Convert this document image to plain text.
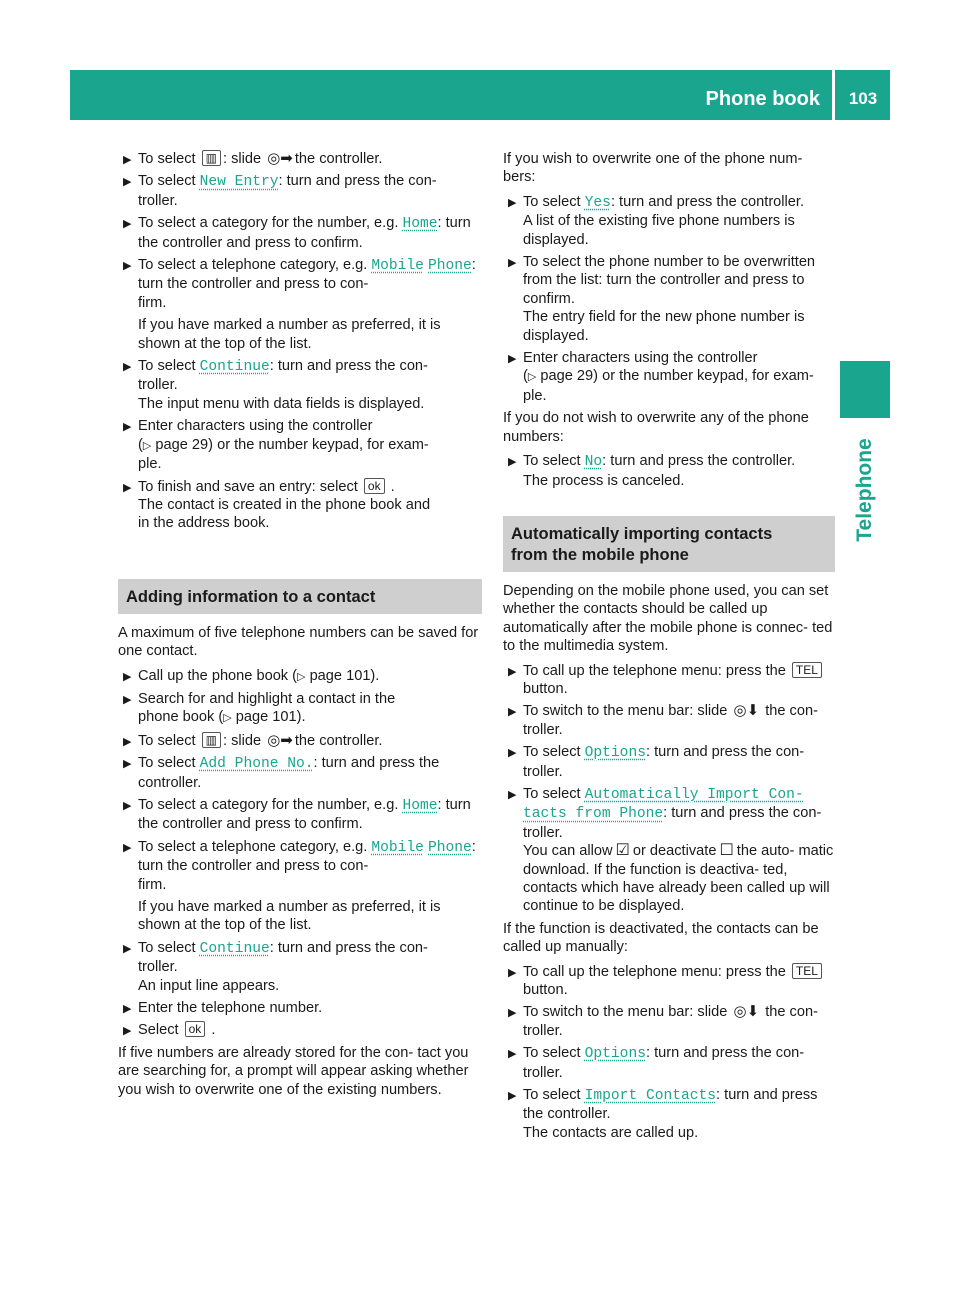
Phone book	103
Telephone
▶ To select ▥ : slide ◎➡ the controller.
▶ To select New Entry: turn and press the con-
troller.
▶ To select a category for the number, e.g. Home: turn the controller and press to confirm.
▶ To select a telephone category, e.g. Mobile Phone: turn the controller and press to con-
firm.
If you have marked a number as preferred, it is shown at the top of the list.
▶ To select Continue: turn and press the con-
troller.
The input menu with data fields is displayed.
▶ Enter characters using the controller
(▷ page 29) or the number keypad, for exam-
ple.
▶ To finish and save an entry: select ok .
The contact is created in the phone book and
in the address book.
Adding information to a contact

A maximum of five telephone numbers can be saved for one contact.

▶ Call up the phone book (▷ page 101).
▶ Search for and highlight a contact in the
phone book (▷ page 101).
▶ To select ▥ : slide ◎➡ the controller.
▶ To select Add Phone No.: turn and press the
controller.
▶ To select a category for the number, e.g. Home: turn the controller and press to confirm.
▶ To select a telephone category, e.g. Mobile Phone: turn the controller and press to con-
firm.
If you have marked a number as preferred, it is shown at the top of the list.
▶ To select Continue: turn and press the con-
troller.
An input line appears.
▶ Enter the telephone number.
▶ Select ok .

If five numbers are already stored for the con- tact you are searching for, a prompt will appear asking whether you wish to overwrite one of the existing numbers.

If you wish to overwrite one of the phone num- bers:

▶ To select Yes: turn and press the controller.
A list of the existing five phone numbers is
displayed.
▶ To select the phone number to be overwritten from the list: turn the controller and press to confirm.
The entry field for the new phone number is
displayed.
▶ Enter characters using the controller
(▷ page 29) or the number keypad, for exam-
ple.

If you do not wish to overwrite any of the phone numbers:

▶ To select No: turn and press the controller.
The process is canceled.
Automatically importing contacts
from the mobile phone

Depending on the mobile phone used, you can set whether the contacts should be called up automatically after the mobile phone is connec- ted to the multimedia system.

▶ To call up the telephone menu: press the TEL button.
▶ To switch to the menu bar: slide ◎⬇ the con-
troller.
▶ To select Options: turn and press the con-
troller.
▶ To select Automatically Import Con‑ tacts from Phone: turn and press the con-
troller.
You can allow ☑ or deactivate ☐ the auto- matic download. If the function is deactiva- ted, contacts which have already been called up will continue to be displayed.

If the function is deactivated, the contacts can be called up manually:

▶ To call up the telephone menu: press the TEL button.
▶ To switch to the menu bar: slide ◎⬇ the con-
troller.
▶ To select Options: turn and press the con-
troller.
▶ To select Import Contacts: turn and press
the controller.
The contacts are called up.
